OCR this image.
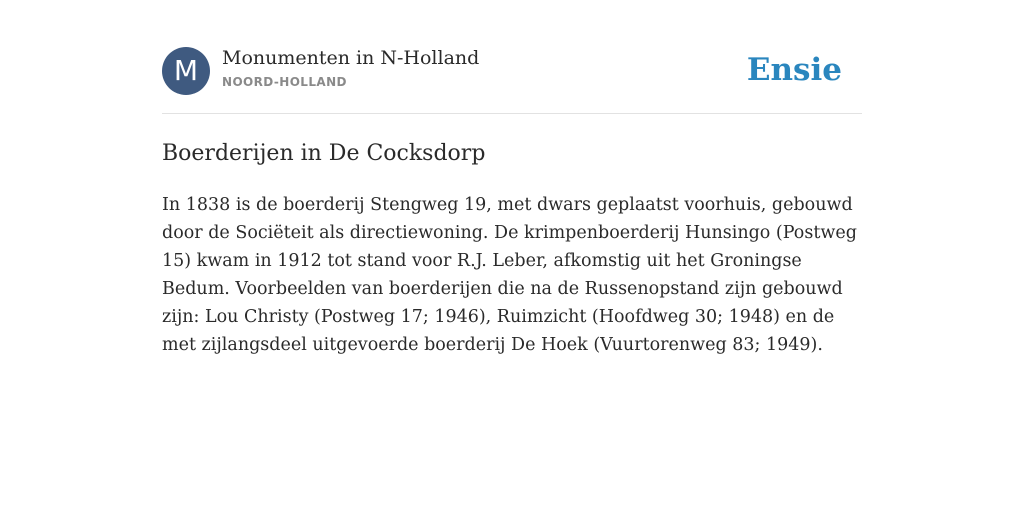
M	Monumenten in N-Holland
NOORD-HOLLAND	Ensie
Boerderijen in De Cocksdorp

In 1838 is de boerderij Stengweg 19, met dwars geplaatst voorhuis, gebouwd door de Sociëteit als directiewoning. De krimpenboerderij Hunsingo (Postweg 15) kwam in 1912 tot stand voor R.J. Leber, afkomstig uit het Groningse Bedum. Voorbeelden van boerderijen die na de Russenopstand zijn gebouwd zijn: Lou Christy (Postweg 17; 1946), Ruimzicht (Hoofdweg 30; 1948) en de met zijlangsdeel uitgevoerde boerderij De Hoek (Vuurtorenweg 83; 1949).
